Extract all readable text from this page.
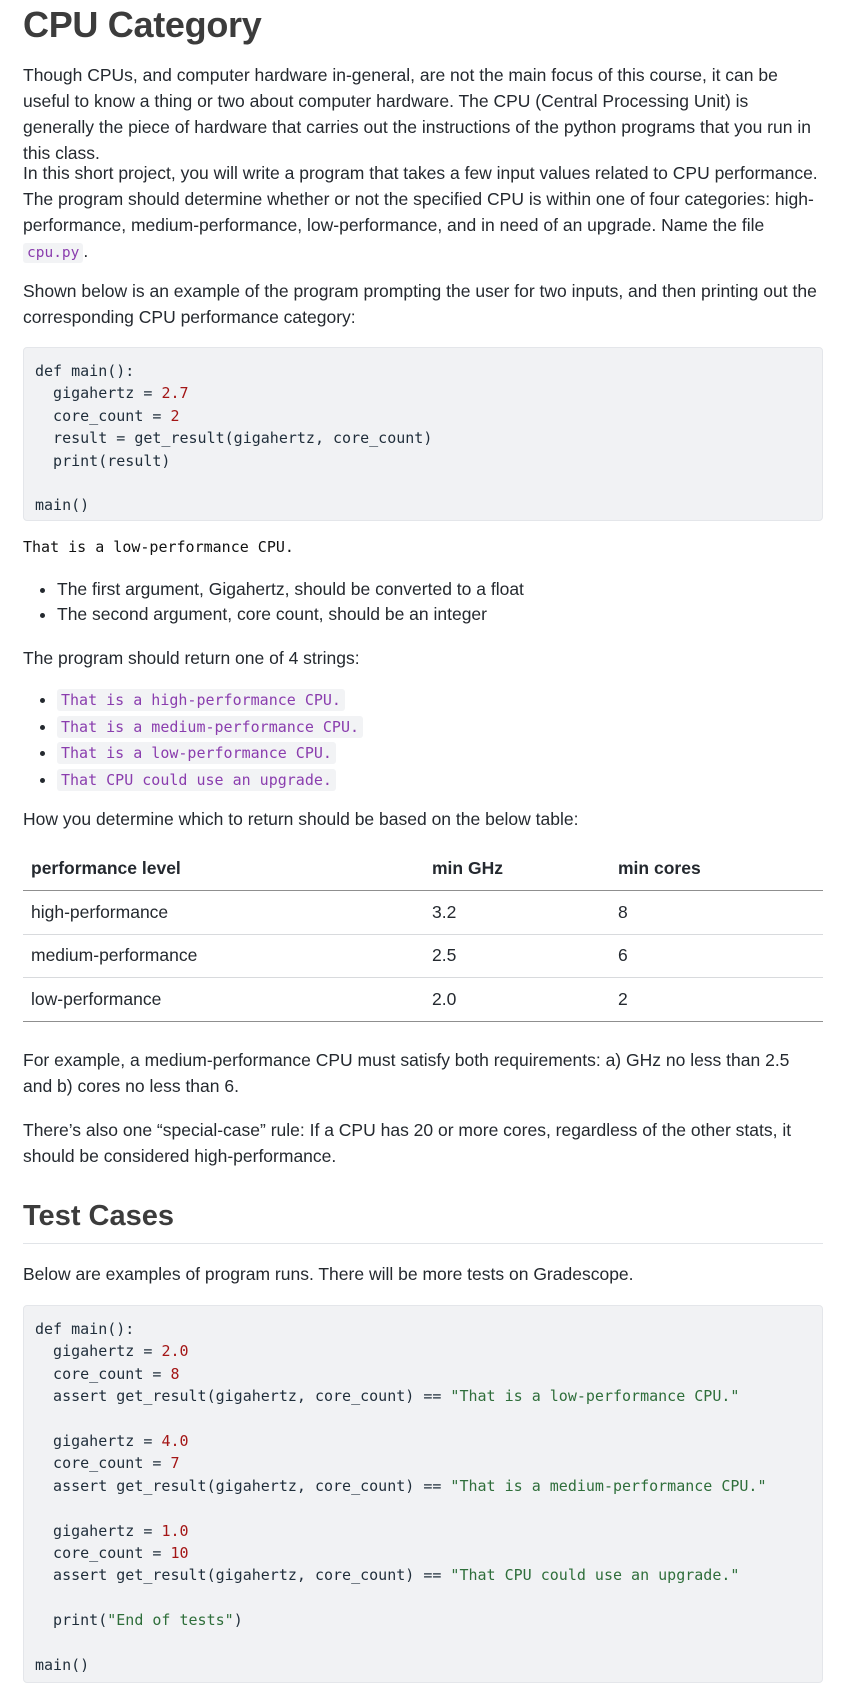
CPU Category

Though CPUs, and computer hardware in-general, are not the main focus of this course, it can be useful to know a thing or two about computer hardware. The CPU (Central Processing Unit) is generally the piece of hardware that carries out the instructions of the python programs that you run in this class.

In this short project, you will write a program that takes a few input values related to CPU performance. The program should determine whether or not the specified CPU is within one of four categories: high-performance, medium-performance, low-performance, and in need of an upgrade. Name the file cpu.py .

Shown below is an example of the program prompting the user for two inputs, and then printing out the corresponding CPU performance category:

def main():
gigahertz = 2.7
core_count = 2
result = get_result(gigahertz, core_count)
print(result)

main()
That is a low-performance CPU.
• The first argument, Gigahertz, should be converted to a float
• The second argument, core count, should be an integer

The program should return one of 4 strings:

• That is a high-performance CPU.
• That is a medium-performance CPU.
• That is a low-performance CPU.
• That CPU could use an upgrade.

How you determine which to return should be based on the below table:

performance level	min GHz	min cores
high-performance	3.2	8
medium-performance	2.5	6
low-performance	2.0	2

For example, a medium-performance CPU must satisfy both requirements: a) GHz no less than 2.5 and b) cores no less than 6.

There’s also one “special-case” rule: If a CPU has 20 or more cores, regardless of the other stats, it should be considered high-performance.

Test Cases

Below are examples of program runs. There will be more tests on Gradescope.

def main():
gigahertz = 2.0
core_count = 8
assert get_result(gigahertz, core_count) == "That is a low-performance CPU."

gigahertz = 4.0
core_count = 7
assert get_result(gigahertz, core_count) == "That is a medium-performance CPU."

gigahertz = 1.0
core_count = 10
assert get_result(gigahertz, core_count) == "That CPU could use an upgrade."

print("End of tests")

main()
